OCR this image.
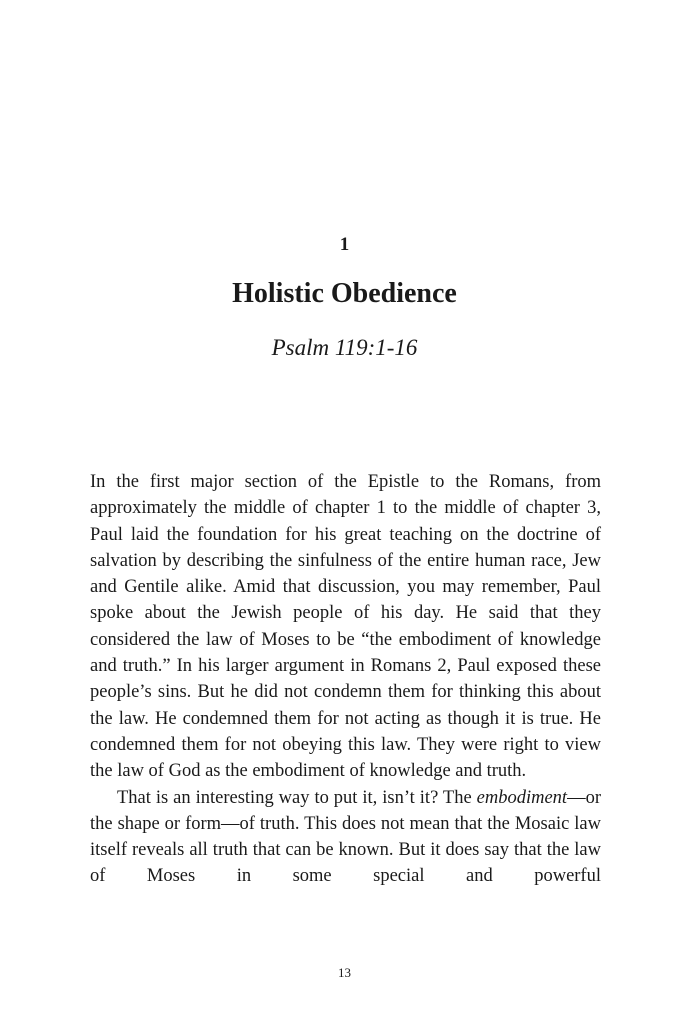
1
Holistic Obedience
Psalm 119:1-16

In the first major section of the Epistle to the Romans, from approximately the middle of chapter 1 to the middle of chapter 3, Paul laid the foundation for his great teaching on the doctrine of salvation by describing the sinfulness of the entire human race, Jew and Gentile alike. Amid that discussion, you may remember, Paul spoke about the Jewish people of his day. He said that they considered the law of Moses to be “the embodiment of knowledge and truth.” In his larger argument in Romans 2, Paul exposed these people’s sins. But he did not condemn them for thinking this about the law. He condemned them for not acting as though it is true. He condemned them for not obeying this law. They were right to view the law of God as the embodiment of knowledge and truth.

That is an interesting way to put it, isn’t it? The embodiment—or the shape or form—of truth. This does not mean that the Mosaic law itself reveals all truth that can be known. But it does say that the law of Moses in some special and powerful

13
